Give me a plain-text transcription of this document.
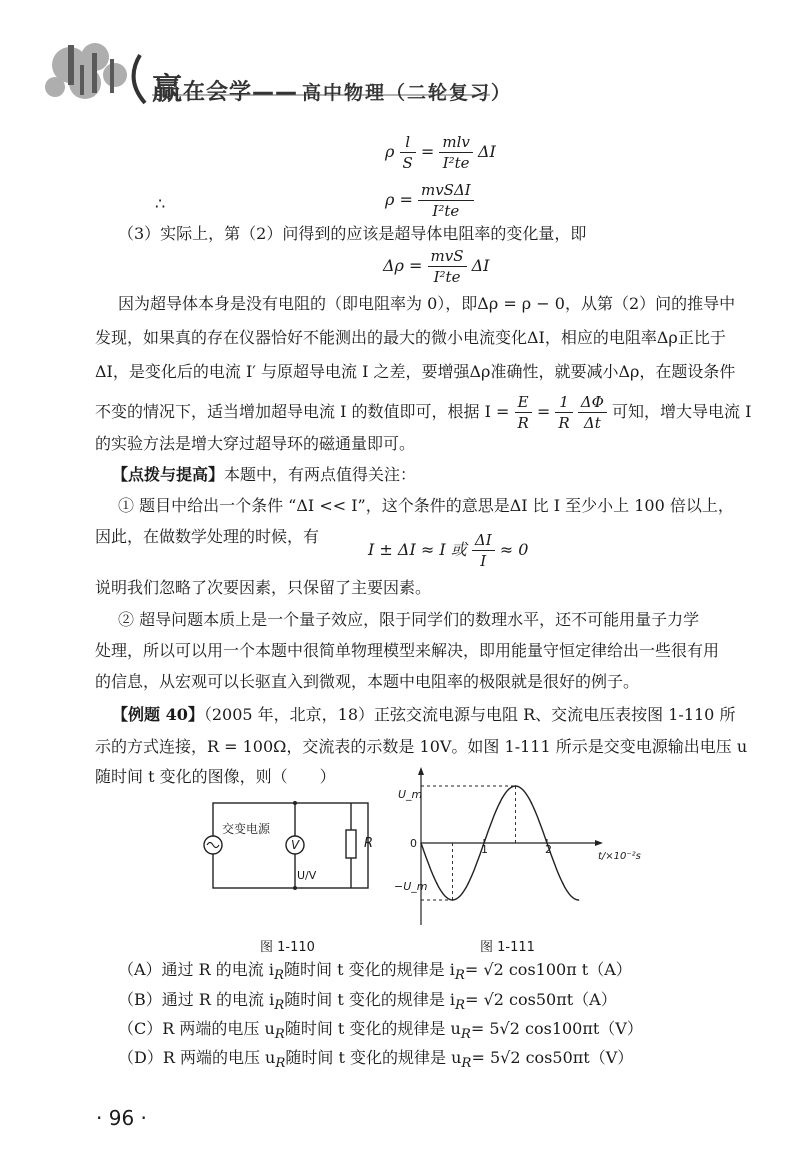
赢在会学—— 高中物理（二轮复习）
ρ $\frac{l}{S} = \frac{\text{mlv}}{\text{I²te}}$ ΔI
∴	$\rho = \frac{\text{mvSΔI}}{\text{I²te}}$
（3）实际上，第（2）问得到的应该是超导体电阻率的变化量，即
$\Delta\rho = \frac{\text{mvS}}{\text{I²te}}$ ΔI
因为超导体本身是没有电阻的（即电阻率为 0），即Δρ = ρ − 0，从第（2）问的推导中
发现，如果真的存在仪器恰好不能测出的最大的微小电流变化ΔI，相应的电阻率Δρ正比于
ΔI，是变化后的电流 I′ 与原超导电流 I 之差，要增强Δρ准确性，就要减小Δρ，在题设条件
不变的情况下，适当增加超导电流 I 的数值即可，根据 $I = \frac{E}{R} = \frac{1}{R}$
$\frac{\Delta\Phi}{\Delta t}$ 可知，增大导电流 I
的实验方法是增大穿过超导环的磁通量即可。
【点拨与提高】本题中，有两点值得关注：
① 题目中给出一个条件 “ΔI << I”，这个条件的意思是ΔI 比 I 至少小上 100 倍以上，
因此，在做数学处理的时候，有
I ± ΔI ≈ I 或 $\frac{\Delta I}{I} \approx 0$
说明我们忽略了次要因素，只保留了主要因素。
② 超导问题本质上是一个量子效应，限于同学们的数理水平，还不可能用量子力学
处理，所以可以用一个本题中很简单物理模型来解决，即用能量守恒定律给出一些很有用
的信息，从宏观可以长驱直入到微观，本题中电阻率的极限就是很好的例子。
【例题 40】（2005 年，北京，18）正弦交流电源与电阻 R、交流电压表按图 1-110 所
示的方式连接，R = 100Ω，交流表的示数是 10V。如图 1-111 所示是交变电源输出电压 u
随时间 t 变化的图像，则（　　）
交变电源
V	R
U/V
图 1-110
U_m
0
−U_m
1	2
t/×10⁻²s
图 1-111
（A）通过 R 的电流 $i_R$随时间 t 变化的规律是 $i_R= √2$ cos100π t（A）
（B）通过 R 的电流 $i_R$随时间 t 变化的规律是 $i_R= √2$ cos50πt（A）
（C）R 两端的电压 $u_R$随时间 t 变化的规律是 $u_R= 5√2$ cos100πt（V）
（D）R 两端的电压 $u_R$随时间 t 变化的规律是 $u_R= 5√2$ cos50πt（V）
· 96 ·
